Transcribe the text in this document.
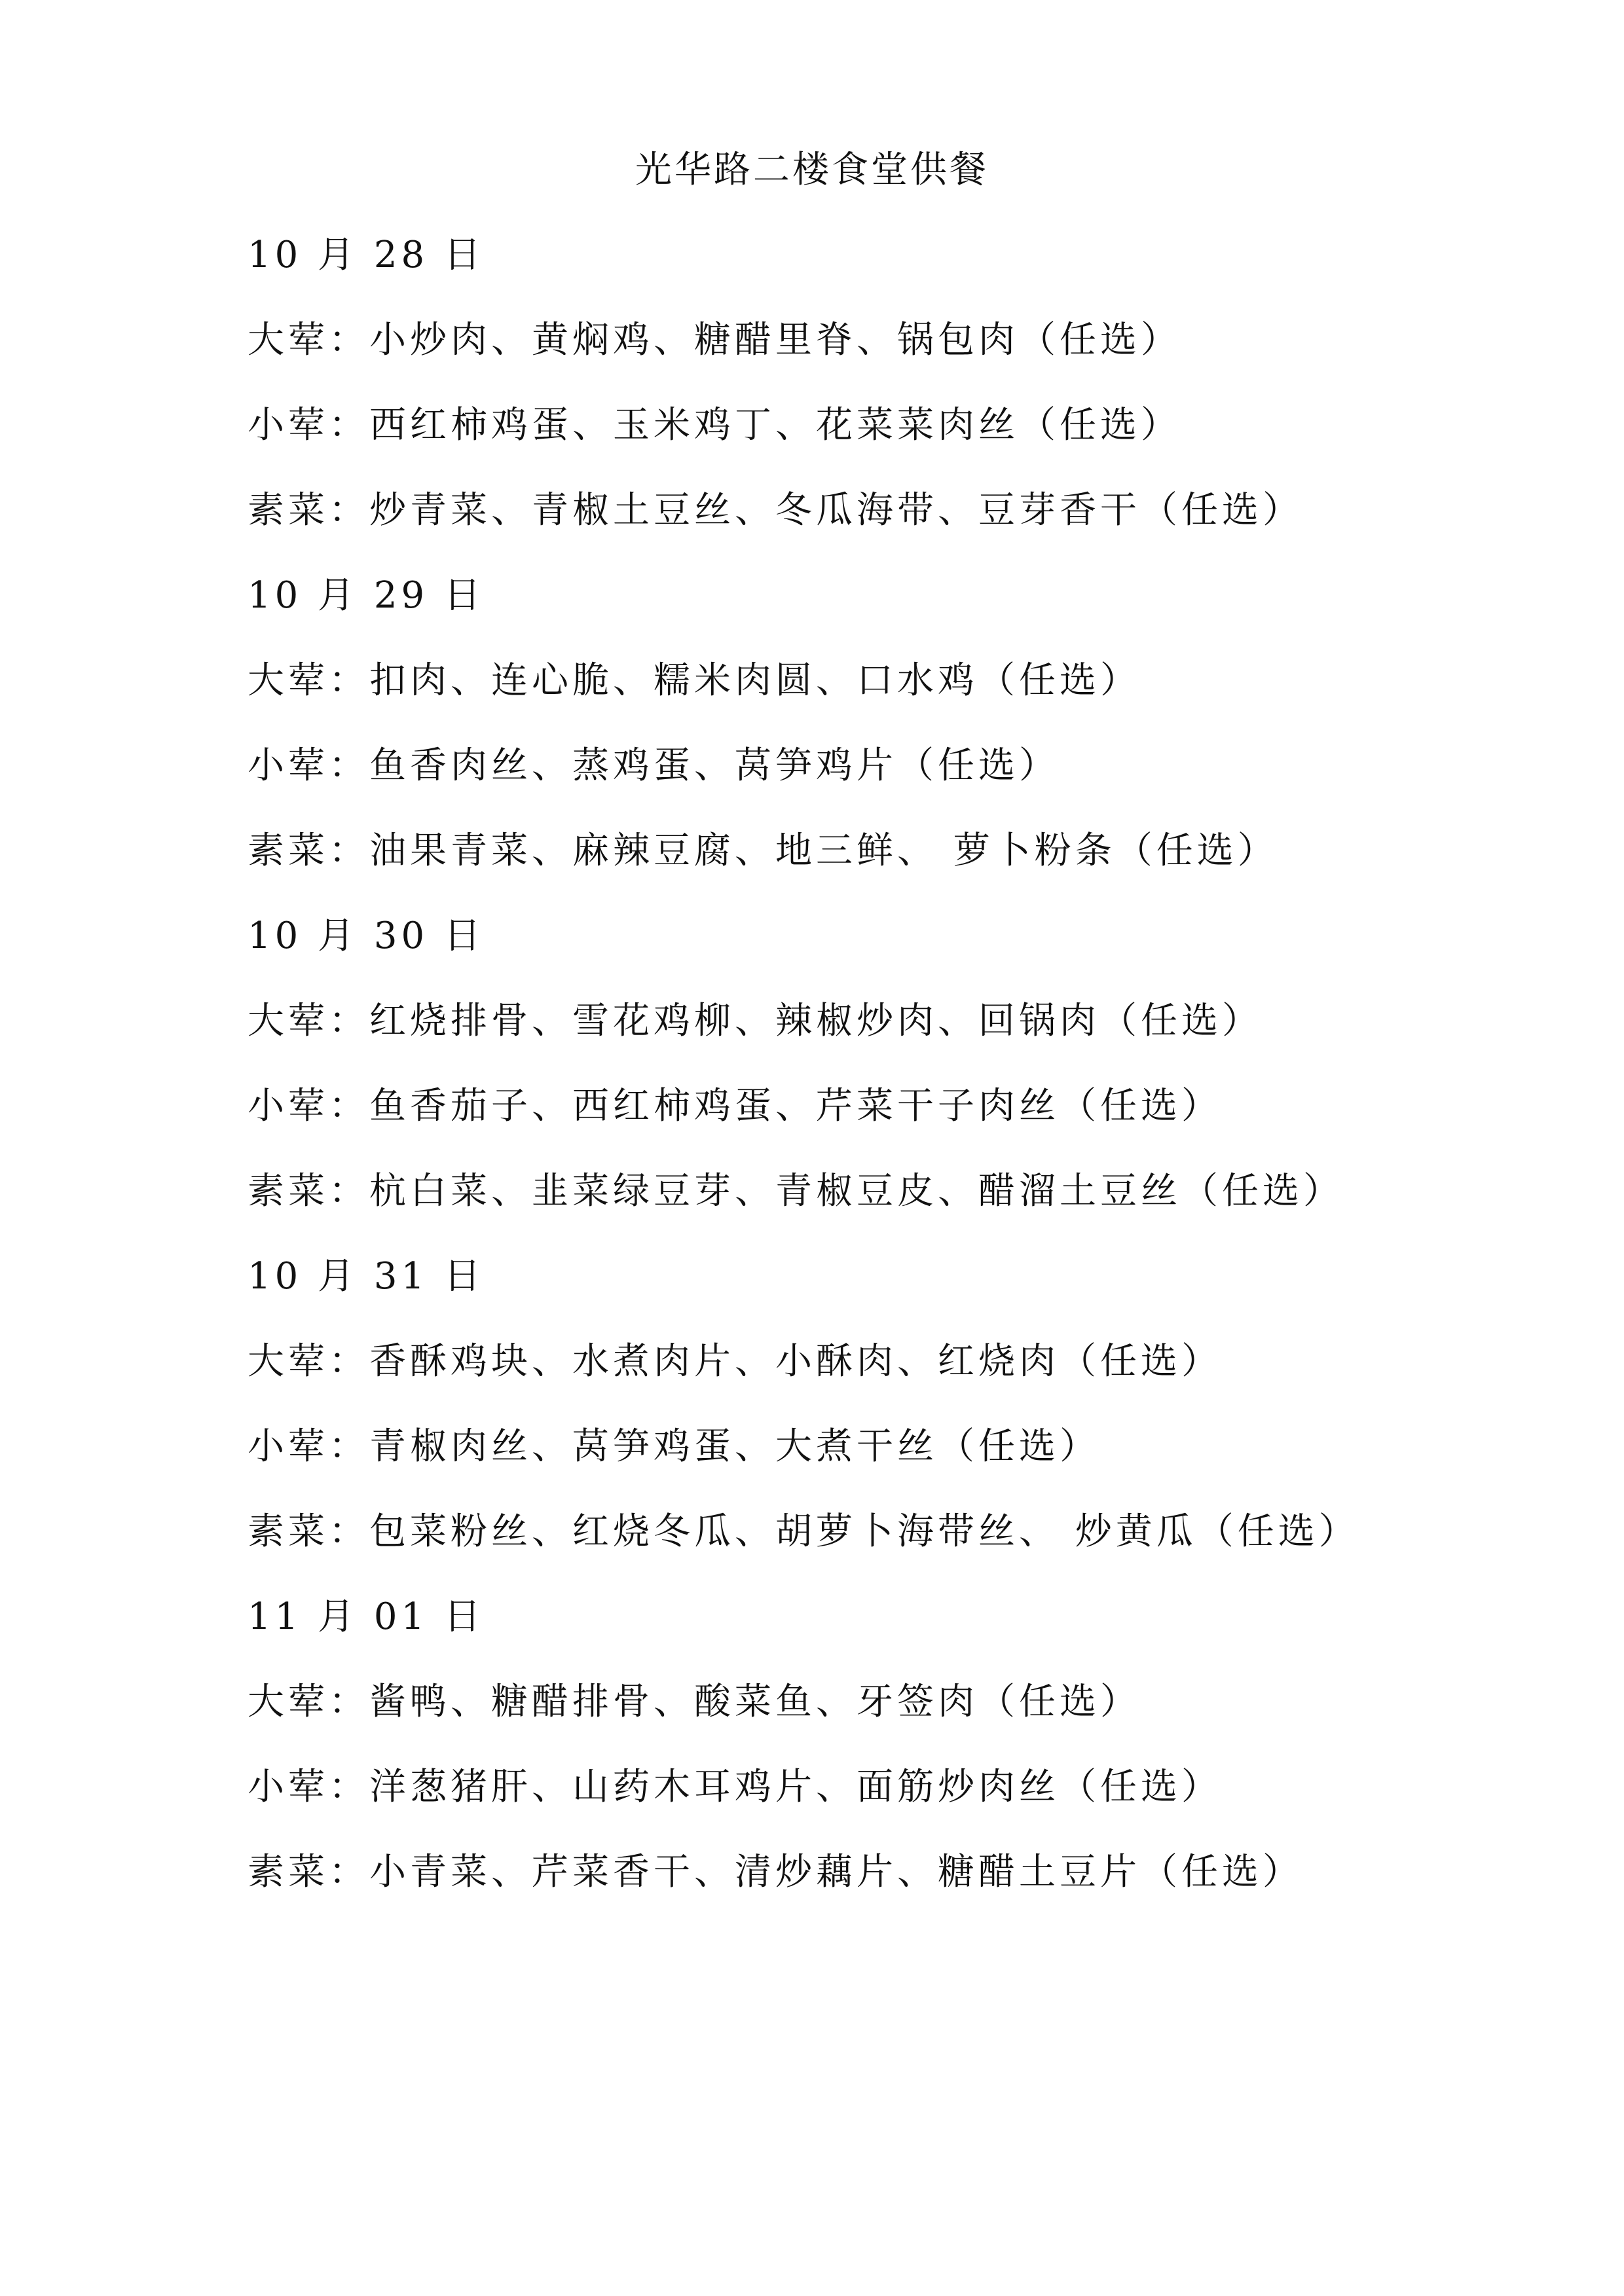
光华路二楼食堂供餐
10 月 28 日
大荤：小炒肉、黄焖鸡、糖醋里脊、锅包肉（任选）
小荤：西红柿鸡蛋、玉米鸡丁、花菜菜肉丝（任选）
素菜：炒青菜、青椒土豆丝、冬瓜海带、豆芽香干（任选）
10 月 29 日
大荤：扣肉、连心脆、糯米肉圆、口水鸡（任选）
小荤：鱼香肉丝、蒸鸡蛋、莴笋鸡片（任选）
素菜：油果青菜、麻辣豆腐、地三鲜、 萝卜粉条（任选）
10 月 30 日
大荤：红烧排骨、雪花鸡柳、辣椒炒肉、回锅肉（任选）
小荤：鱼香茄子、西红柿鸡蛋、芹菜干子肉丝（任选）
素菜：杭白菜、韭菜绿豆芽、青椒豆皮、醋溜土豆丝（任选）
10 月 31 日
大荤：香酥鸡块、水煮肉片、小酥肉、红烧肉（任选）
小荤：青椒肉丝、莴笋鸡蛋、大煮干丝（任选）
素菜：包菜粉丝、红烧冬瓜、胡萝卜海带丝、 炒黄瓜（任选）
11 月 01 日
大荤：酱鸭、糖醋排骨、酸菜鱼、牙签肉（任选）
小荤：洋葱猪肝、山药木耳鸡片、面筋炒肉丝（任选）
素菜：小青菜、芹菜香干、清炒藕片、糖醋土豆片（任选）
